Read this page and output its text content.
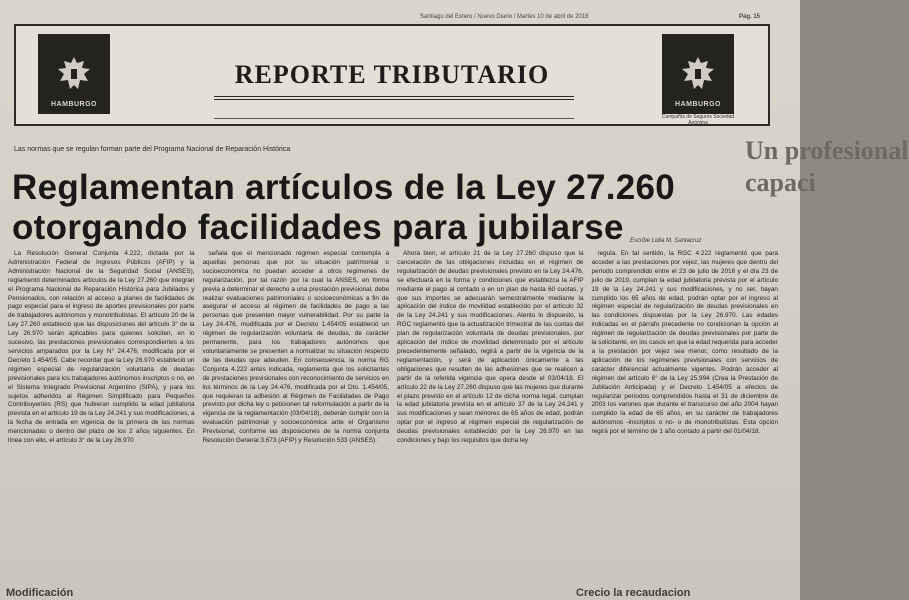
Santiago del Estero / Nuevo Diario / Martes 10 de abril de 2018	Pág. 15
HAMBURGO
REPORTE TRIBUTARIO
HAMBURGO
Compañía de Seguros Sociedad Anónima
Un profesional
capaci
Las normas que se regulan forman parte del Programa Nacional de Reparación Histórica
Reglamentan artículos de la Ley 27.260
otorgando facilidades para jubilarse	Escribe Lidia M. Santacruz

La Resolución General Conjunta 4.222, dictada por la Administración Federal de Ingresos Públicos (AFIP) y la Administración Nacional de la Seguridad Social (ANSES), reglamentó determinados artículos de la Ley 27.260 que integran el Programa Nacional de Reparación Histórica para Jubilados y Pensionados, con relación al acceso a planes de facilidades de pago especial para el ingreso de aportes previsionales por parte de trabajadores autónomos y monotributistas. El artículo 20 de la Ley 27.260 estableció que las disposiciones del artículo 3° de la Ley 26.970 serán aplicables para quienes soliciten, en lo sucesivo, las prestaciones previsionales correspondientes a los servicios amparados por la Ley N° 24.476, modificada por el Decreto 1.454/05. Cabe recordar que la Ley 26.970 estableció un régimen especial de regularización voluntaria de deudas previsionales para los trabajadores autónomos inscriptos o no, en el Sistema Integrado Previsional Argentino (SIPA), y para los sujetos adheridos al Régimen Simplificado para Pequeños Contribuyentes (RS) que hubieran cumplido la edad jubilatoria prevista en el artículo 19 de la Ley 24.241 y sus modificaciones, a la fecha de entrada en vigencia de la primera de las normas mencionadas o dentro del plazo de los 2 años siguientes. En línea con ello, el artículo 3° de la Ley 26.970

señala que el mencionado régimen especial contempla a aquellas personas que por su situación patrimonial o socioeconómica no puedan acceder a otros regímenes de regularización, por tal razón por la cual la ANSES, en forma previa a determinar el derecho a una prestación previsional, debe realizar evaluaciones patrimoniales o socioeconómicas a fin de asegurar el acceso al régimen de facilidades de pago a las personas que presenten mayor vulnerabilidad. Por su parte la Ley 24.476, modificada por el Decreto 1.454/05 estableció un régimen de regularización voluntaria de deudas, de carácter permanente, para los trabajadores autónomos que voluntariamente se presenten a normalizar su situación respecto de las deudas que adeuden. En consecuencia, la norma RG Conjunta 4.222 antes indicada, reglamenta que los solicitantes de prestaciones previsionales con reconocimiento de servicios en los términos de la Ley 24.476, modificada por el Dto. 1.454/05, que requieran la adhesión al Régimen de Facilidades de Pago previsto por dicha ley o peticionen tal reformulación a partir de la vigencia de la reglamentación (03/04/18), deberán cumplir con la evaluación patrimonial y socioeconómica ante el Organismo Previsional, conforme las disposiciones de la norma conjunta Resolución General 3.673 (AFIP) y Resolución 533 (ANSES).

Ahora bien, el artículo 21 de la Ley 27.260 dispuso que la cancelación de las obligaciones incluidas en el régimen de regularización de deudas previsionales previsto en la Ley 24.476, se efectuará en la forma y condiciones que establezca la AFIP mediante el pago al contado o en un plan de hasta 60 cuotas, y que sus importes se adecuarán semestralmente mediante la aplicación del índice de movilidad establecido por el artículo 32 de la Ley 24.241 y sus modificaciones. Atento lo dispuesto, la RGC reglamentó que la actualización trimestral de las cuotas del plan de regularización voluntaria de deudas previsionales, por aplicación del índice de movilidad determinado por el artículo precedentemente señalado, regirá a partir de la vigencia de la reglamentación, y será de aplicación únicamente a las obligaciones que resulten de las adhesiones que se realicen a partir de la referida vigencia que opera desde el 03/04/18. El artículo 22 de la Ley 27.260 dispuso que las mujeres que durante el plazo previsto en el artículo 12 de dicha norma legal, cumplan la edad jubilatoria prevista en el artículo 37 de la Ley 24.241 y sus modificaciones y sean menores de 65 años de edad, podrán optar por el ingreso al régimen especial de regularización de deudas previsionales establecido por la Ley 26.970 en las condiciones y bajo los requisitos que dicha ley

regula. En tal sentido, la RGC 4.222 reglamentó que para acceder a las prestaciones por vejez, las mujeres que dentro del período comprendido entre el 23 de julio de 2016 y el día 23 de julio de 2019, cumplan la edad jubilatoria prevista por el artículo 19 de la Ley 24.241 y sus modificaciones, y no ser, hayan cumplido los 65 años de edad, podrán optar por el ingreso al régimen especial de regularización de deudas previsionales en las condiciones dispuestas por la Ley 26.970. Las edades indicadas en el párrafo precedente no condicionan la opción al régimen de regularización de deudas previsionales por parte de la solicitante, en los casos en que la edad requerida para acceder a la prestación por vejez sea menor, como resultado de la aplicación de los regímenes previsionales con servicios de carácter diferencial actualmente vigentes. Podrán acceder al régimen del artículo 6° de la Ley 25.994 (Crea la Prestación de Jubilación Anticipada) y el Decreto 1.454/05 a efectos de regularizar períodos comprendidos hasta el 31 de diciembre de 2003 los varones que durante el transcurso del año 2004 hayan cumplido la edad de 65 años, en su carácter de trabajadores autónomos -inscriptos o no- o de monotributistas. Esta opción regirá por el término de 1 año contado a partir del 01/04/18.

Modificación	Crecio la recaudacion
